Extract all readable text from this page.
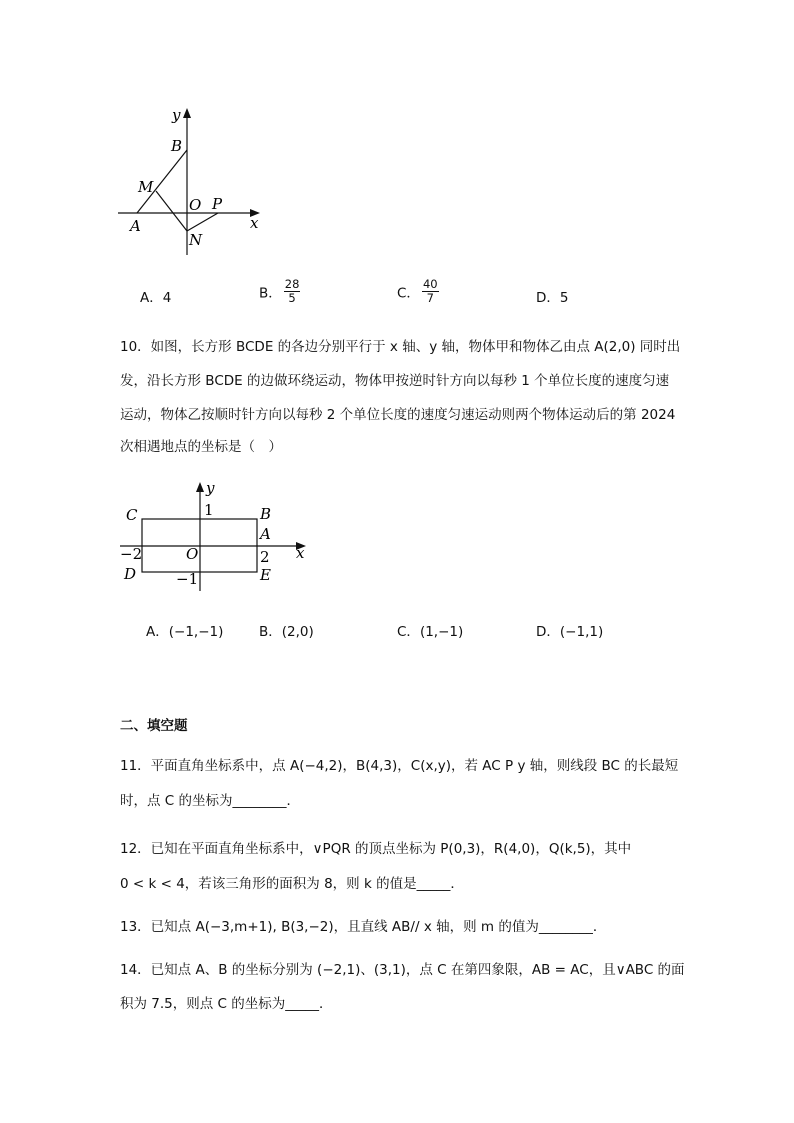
y
B
M
O P
A
N
x
A．4	B． $\frac{28}{5}$	C． $\frac{40}{7}$	D．5
10．如图，长方形 BCDE 的各边分别平行于 x 轴、y 轴，物体甲和物体乙由点 A(2,0) 同时出
发，沿长方形 BCDE 的边做环绕运动，物体甲按逆时针方向以每秒 1 个单位长度的速度匀速
运动，物体乙按顺时针方向以每秒 2 个单位长度的速度匀速运动则两个物体运动后的第 2024
次相遇地点的坐标是（　）
y
C	1	B
A
−2	O	2 x
D	−1	E
A．(−1,−1)	B．(2,0)	C．(1,−1)	D．(−1,1)
二、填空题
11．平面直角坐标系中，点 A(−4,2)，B(4,3)，C(x,y)，若 AC P y 轴，则线段 BC 的长最短
时，点 C 的坐标为________．
12．已知在平面直角坐标系中，∨PQR 的顶点坐标为 P(0,3)，R(4,0)，Q(k,5)，其中
0 < k < 4，若该三角形的面积为 8，则 k 的值是_____．
13．已知点 A(−3,m+1), B(3,−2)，且直线 AB// x 轴，则 m 的值为________．
14．已知点 A、B 的坐标分别为 (−2,1)、(3,1)，点 C 在第四象限，AB = AC，且∨ABC 的面
积为 7.5，则点 C 的坐标为_____．
